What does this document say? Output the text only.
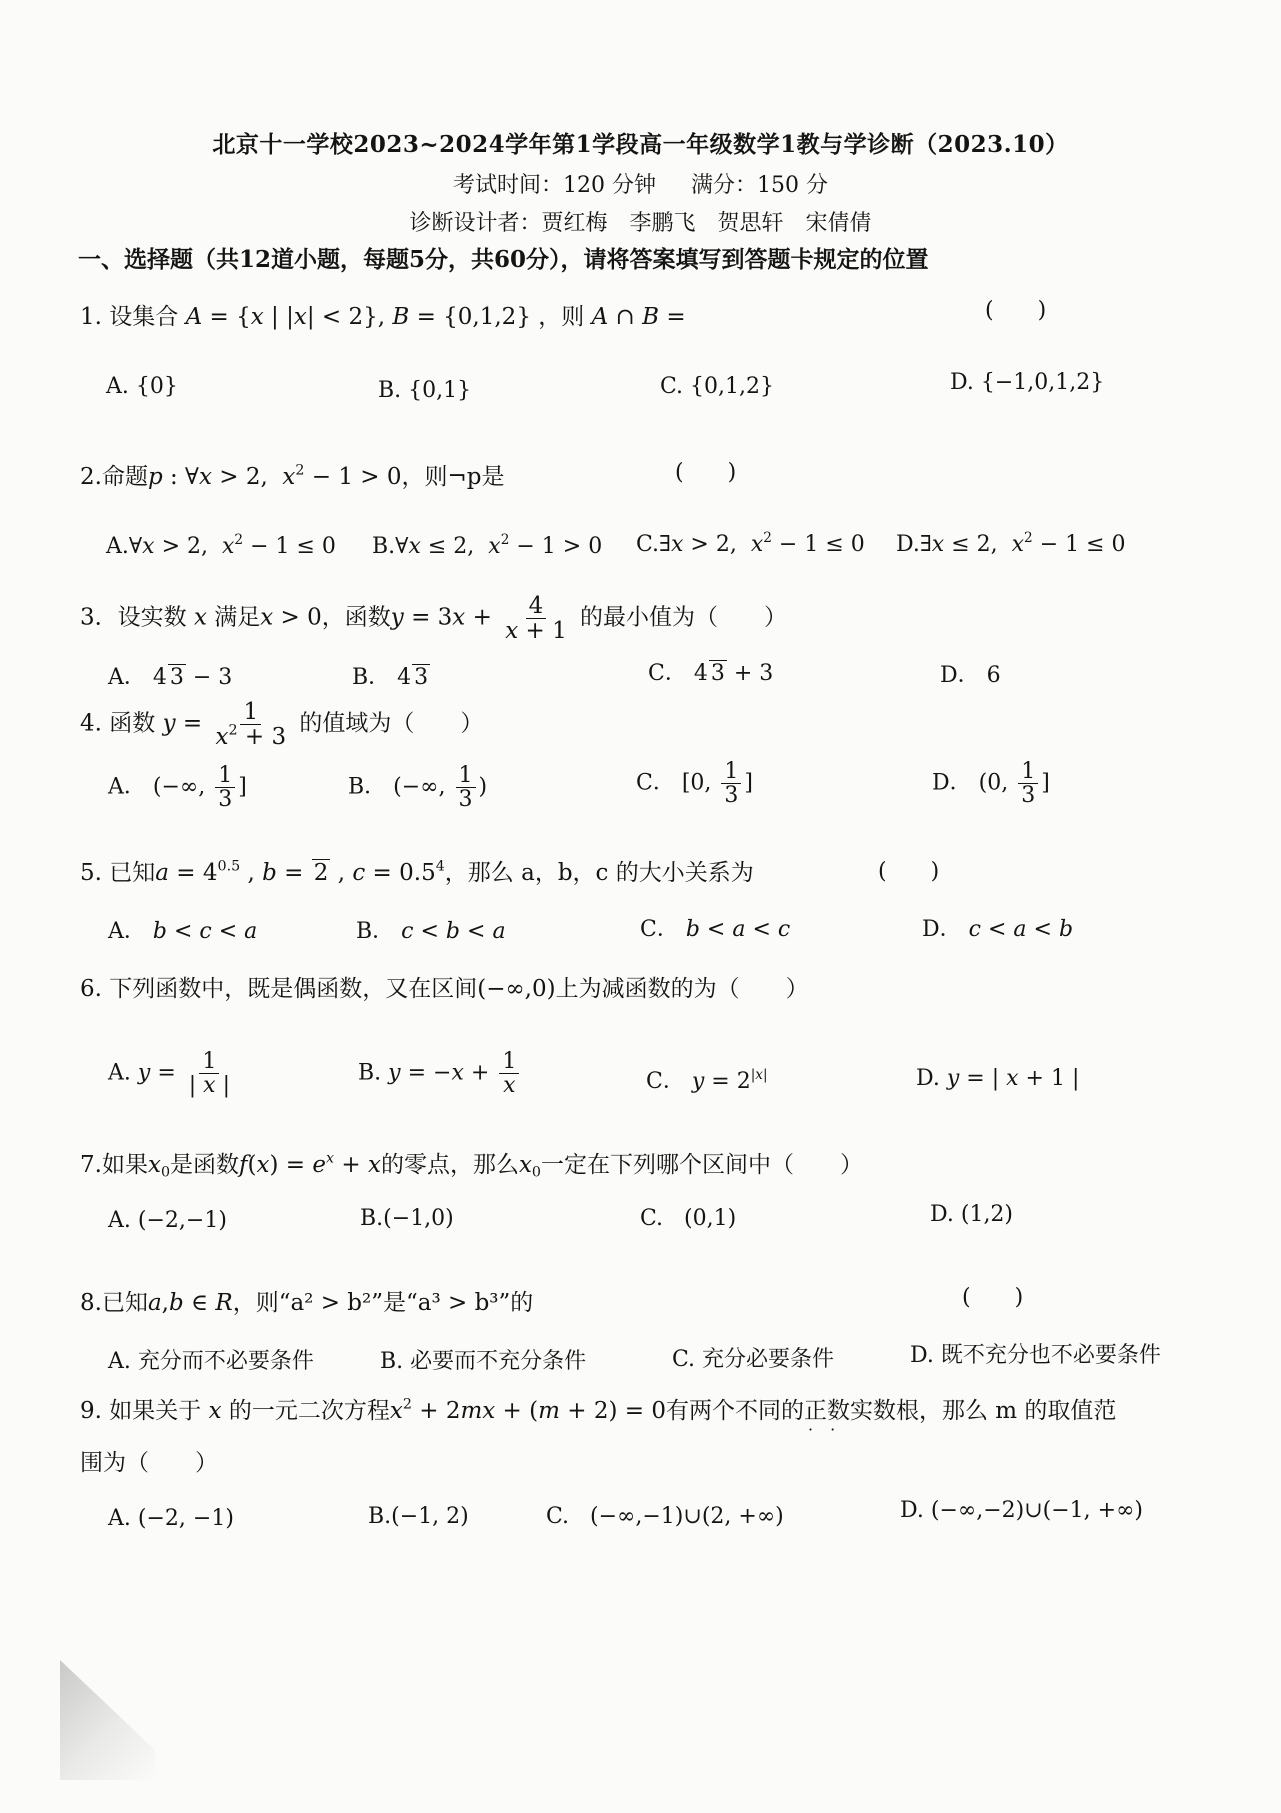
北京十一学校2023~2024学年第1学段高一年级数学1教与学诊断（2023.10）
考试时间：120 分钟 满分：150 分
诊断设计者：贾红梅　李鹏飞　贺思轩　宋倩倩
一、选择题（共12道小题，每题5分，共60分），请将答案填写到答题卡规定的位置
1. 设集合 A = {x | |x| < 2}, B = {0,1,2} ，则 A ∩ B =	(　　)
A. {0}	B. {0,1}	C. {0,1,2}	D. {−1,0,1,2}
2.命题p : ∀x > 2,  $x^2 - 1 > 0$，则¬p是	(　　)
A.∀x > 2,  $x^2 - 1 \le 0$ B.∀x ≤ 2,  $x^2 - 1 > 0$ C.∃x > 2,  $x^2 - 1 \le 0$ D.∃x ≤ 2,  $x^2 - 1 \le 0$
3．设实数 x 满足x > 0，函数$y = 3x + \frac{4}{x + 1}$ 的最小值为（　　）
A． 4 3 − 3	B． 4 3	C． 4 3 + 3	D． 6
4. 函数 $y = \frac{1}{x^2 + 3}$ 的值域为（　　）
A． (−∞, $\frac{1}{3}$ ]	B． (−∞, $\frac{1}{3}$ )	C． [0, $\frac{1}{3}$ ]	D． (0, $\frac{1}{3}$ ]
5. 已知$a = 4^{0.5}$ , b = 2 , $c = 0.5^4$，那么 a，b，c 的大小关系为	(　　)
A． b < c < a	B． c < b < a	C． b < a < c	D． c < a < b
6. 下列函数中，既是偶函数，又在区间(−∞,0)上为减函数的为（　　）
A. $y = \frac{1}{| x |}$	B. $y = -x + \frac{1}{x}$	C． $y = 2^{|x|}$	D. y = | x + 1 |
7.如果$x_0$是函数$f(x) = e^x + x$的零点，那么$x_0$一定在下列哪个区间中（　　）
A. (−2,−1)	B.(−1,0)	C. (0,1)	D. (1,2)
8.已知a,b ∈ R，则“a² > b²”是“a³ > b³”的	(　　)
A. 充分而不必要条件	B. 必要而不充分条件	C. 充分必要条件	D. 既不充分也不必要条件
9. 如果关于 x 的一元二次方程$x^2 + 2mx + (m + 2) = 0$有两个不同的正数 · ·实数根，那么 m 的取值范
围为（　　）
A. (−2, −1)	B.(−1, 2)	C. (−∞,−1)∪(2, +∞)	D. (−∞,−2)∪(−1, +∞)
